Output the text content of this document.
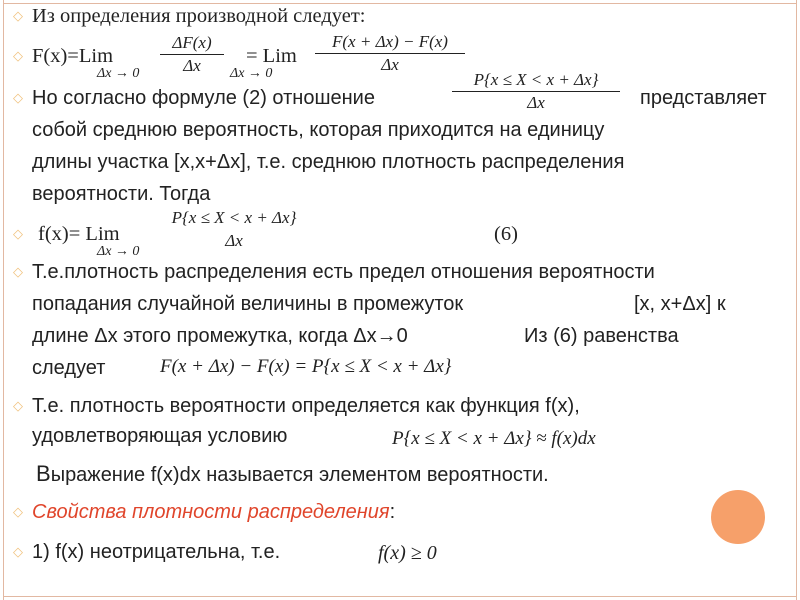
◇ Из определения производной следует:
◇ F(x)=Lim
Δx → 0
ΔF(x)
Δx	= Lim
Δx → 0
F(x + Δx) − F(x)
Δx
◇ Но согласно формуле (2) отношение
P{x ≤ X < x + Δx}
Δx	представляет
собой среднюю вероятность, которая приходится на единицу
длины участка [x,x+Δx], т.е. среднюю плотность распределения
вероятности. Тогда
◇ f(x)= Lim
Δx → 0
P{x ≤ X < x + Δx}
Δx	(6)
◇ Т.е.плотность распределения есть предел отношения вероятности
попадания случайной величины в промежуток	[x, x+Δx] к
длине Δx этого промежутка, когда Δx→0	Из (6) равенства
следует	F(x + Δx) − F(x) = P{x ≤ X < x + Δx}
◇ Т.е. плотность вероятности определяется как функция f(x),
удовлетворяющая условию	P{x ≤ X < x + Δx} ≈ f(x)dx
Выражение f(x)dx называется элементом вероятности.
◇ Свойства плотности распределения:
◇ 1) f(x) неотрицательна, т.е.	f(x) ≥ 0
